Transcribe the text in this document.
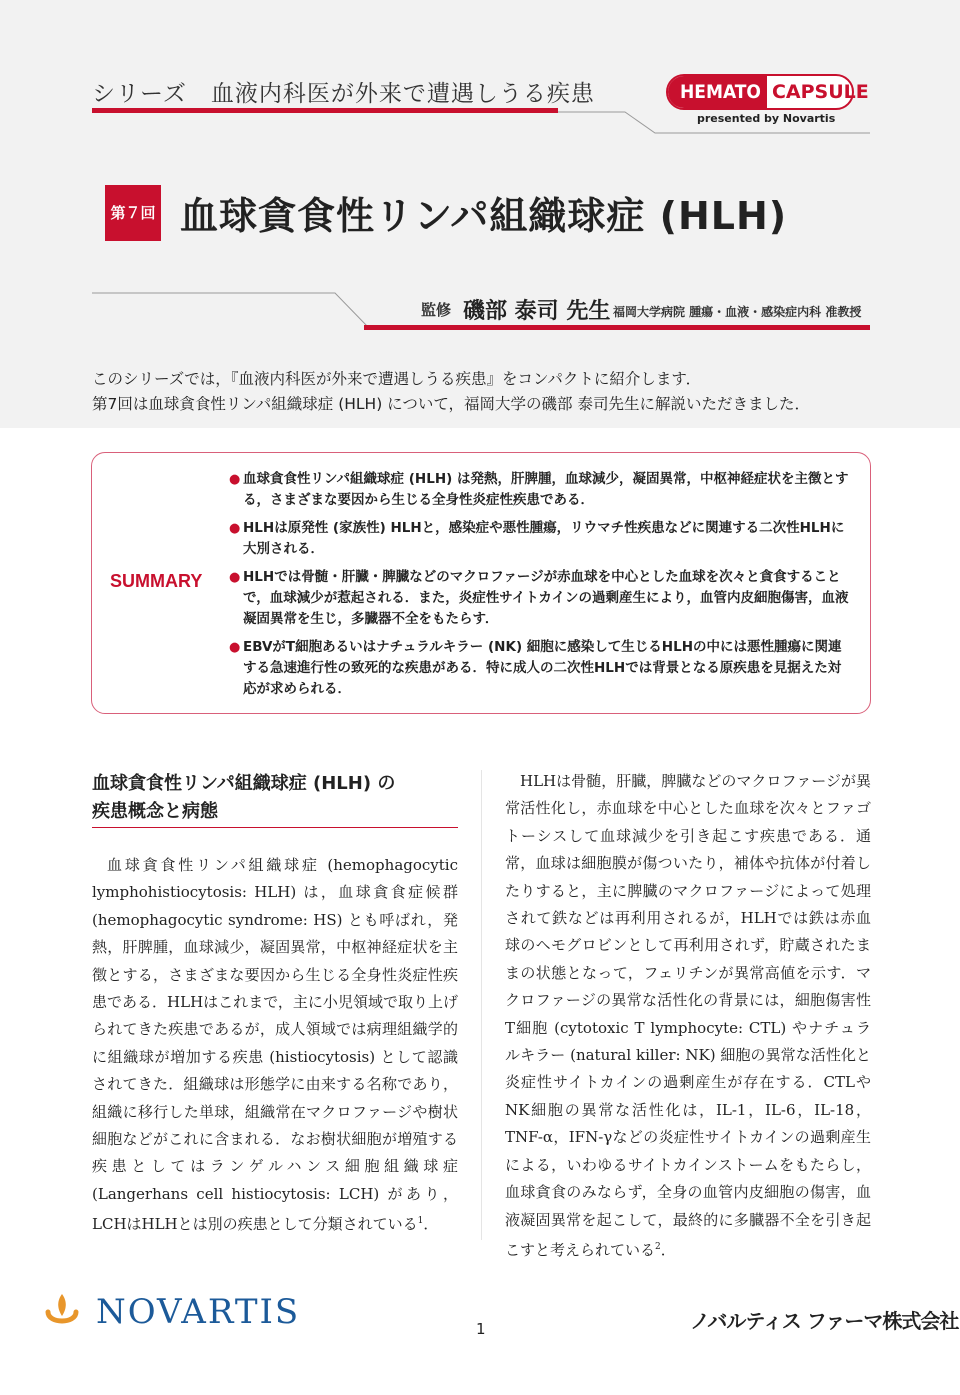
シリーズ　血液内科医が外来で遭遇しうる疾患	HEMATO CAPSULE
presented by Novartis
第７回 血球貪食性リンパ組織球症 (HLH)
監修 磯部 泰司 先生 福岡大学病院 腫瘍・血液・感染症内科 准教授
このシリーズでは，『血液内科医が外来で遭遇しうる疾患』をコンパクトに紹介します．
第7回は血球貪食性リンパ組織球症 (HLH) について，福岡大学の磯部 泰司先生に解説いただきました．
SUMMARY
● 血球貪食性リンパ組織球症 (HLH) は発熱，肝脾腫，血球減少，凝固異常，中枢神経症状を主徴とする，さまざまな要因から生じる全身性炎症性疾患である．
● HLHは原発性 (家族性) HLHと，感染症や悪性腫瘍，リウマチ性疾患などに関連する二次性HLHに大別される．
● HLHでは骨髄・肝臓・脾臓などのマクロファージが赤血球を中心とした血球を次々と貪食することで，血球減少が惹起される．また，炎症性サイトカインの過剰産生により，血管内皮細胞傷害，血液凝固異常を生じ，多臓器不全をもたらす．
● EBVがT細胞あるいはナチュラルキラー (NK) 細胞に感染して生じるHLHの中には悪性腫瘍に関連する急速進行性の致死的な疾患がある．特に成人の二次性HLHでは背景となる原疾患を見据えた対応が求められる．
血球貪食性リンパ組織球症 (HLH) の
疾患概念と病態

血球貪食性リンパ組織球症 (hemophagocytic lymphohistiocytosis: HLH) は，血球貪食症候群 (hemophagocytic syndrome: HS) とも呼ばれ，発熱，肝脾腫，血球減少，凝固異常，中枢神経症状を主徴とする，さまざまな要因から生じる全身性炎症性疾患である．HLHはこれまで，主に小児領域で取り上げられてきた疾患であるが，成人領域では病理組織学的に組織球が増加する疾患 (histiocytosis) として認識されてきた．組織球は形態学に由来する名称であり，組織に移行した単球，組織常在マクロファージや樹状細胞などがこれに含まれる．なお樹状細胞が増殖する疾患としてはランゲルハンス細胞組織球症 (Langerhans cell histiocytosis: LCH) があり，LCHはHLHとは別の疾患として分類されている$^1$．

HLHは骨髄，肝臓，脾臓などのマクロファージが異常活性化し，赤血球を中心とした血球を次々とファゴトーシスして血球減少を引き起こす疾患である．通常，血球は細胞膜が傷ついたり，補体や抗体が付着したりすると，主に脾臓のマクロファージによって処理されて鉄などは再利用されるが，HLHでは鉄は赤血球のヘモグロビンとして再利用されず，貯蔵されたままの状態となって，フェリチンが異常高値を示す．マクロファージの異常な活性化の背景には，細胞傷害性T細胞 (cytotoxic T lymphocyte: CTL) やナチュラルキラー (natural killer: NK) 細胞の異常な活性化と炎症性サイトカインの過剰産生が存在する．CTLやNK細胞の異常な活性化は，IL-1，IL-6，IL-18，TNF-α，IFN-γなどの炎症性サイトカインの過剰産生による，いわゆるサイトカインストームをもたらし，血球貪食のみならず，全身の血管内皮細胞の傷害，血液凝固異常を起こして，最終的に多臓器不全を引き起こすと考えられている$^2$．

NOVARTIS	1	ノバルティス ファーマ株式会社
